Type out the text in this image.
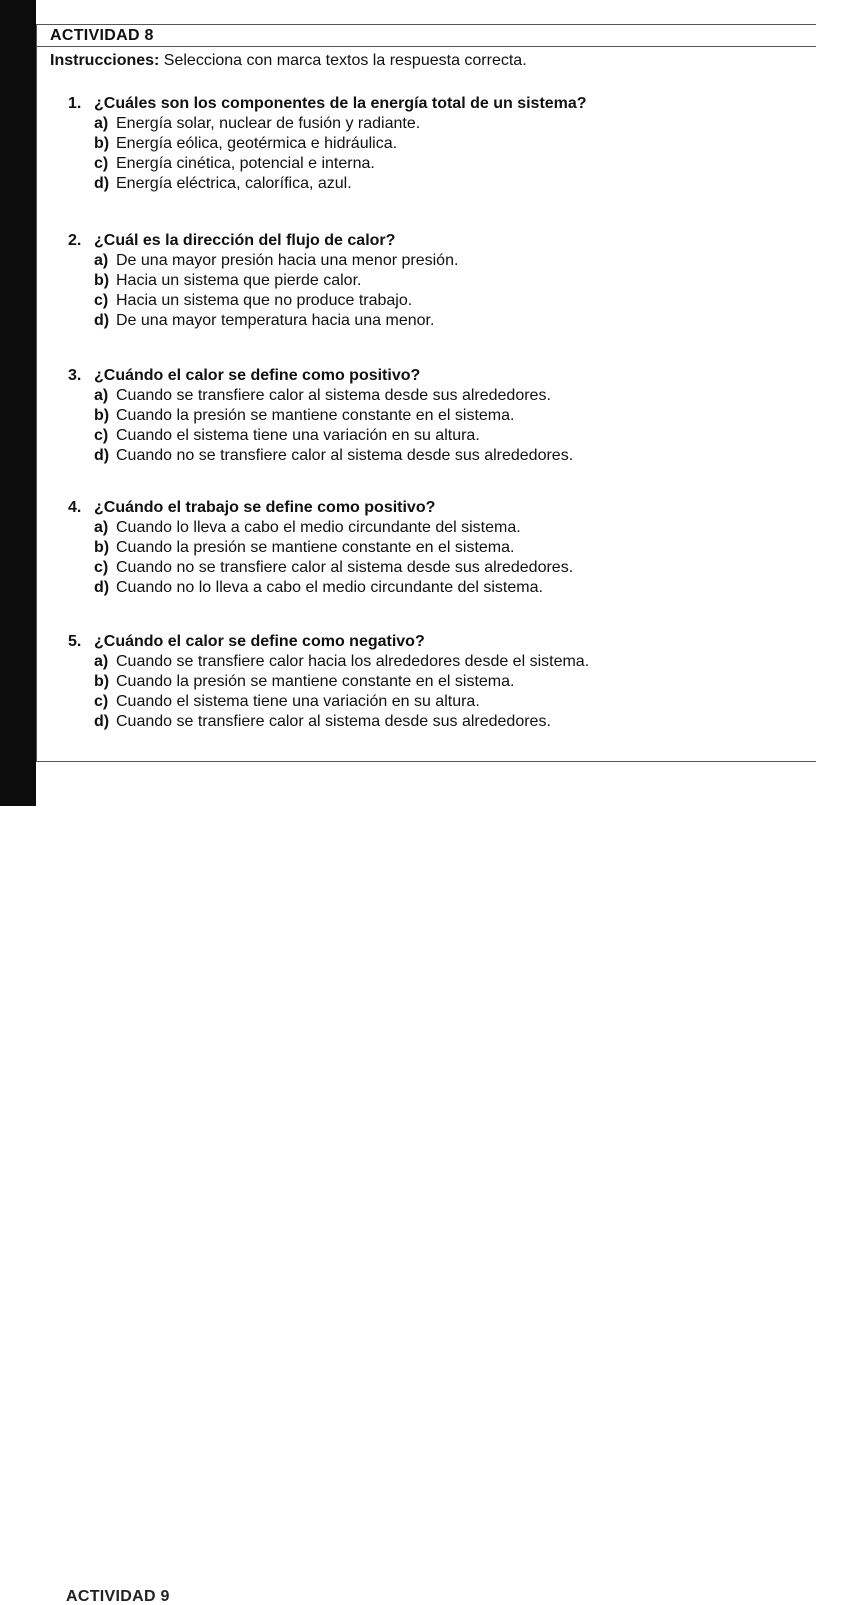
ACTIVIDAD 8

Instrucciones: Selecciona con marca textos la respuesta correcta.

1. ¿Cuáles son los componentes de la energía total de un sistema?

a) Energía solar, nuclear de fusión y radiante.

b) Energía eólica, geotérmica e hidráulica.

c) Energía cinética, potencial e interna.

d) Energía eléctrica, calorífica, azul.

2. ¿Cuál es la dirección del flujo de calor?

a) De una mayor presión hacia una menor presión.

b) Hacia un sistema que pierde calor.

c) Hacia un sistema que no produce trabajo.

d) De una mayor temperatura hacia una menor.

3. ¿Cuándo el calor se define como positivo?

a) Cuando se transfiere calor al sistema desde sus alrededores.

b) Cuando la presión se mantiene constante en el sistema.

c) Cuando el sistema tiene una variación en su altura.

d) Cuando no se transfiere calor al sistema desde sus alrededores.

4. ¿Cuándo el trabajo se define como positivo?

a) Cuando lo lleva a cabo el medio circundante del sistema.

b) Cuando la presión se mantiene constante en el sistema.

c) Cuando no se transfiere calor al sistema desde sus alrededores.

d) Cuando no lo lleva a cabo el medio circundante del sistema.

5. ¿Cuándo el calor se define como negativo?

a) Cuando se transfiere calor hacia los alrededores desde el sistema.

b) Cuando la presión se mantiene constante en el sistema.

c) Cuando el sistema tiene una variación en su altura.

d) Cuando se transfiere calor al sistema desde sus alrededores.

ACTIVIDAD 9
